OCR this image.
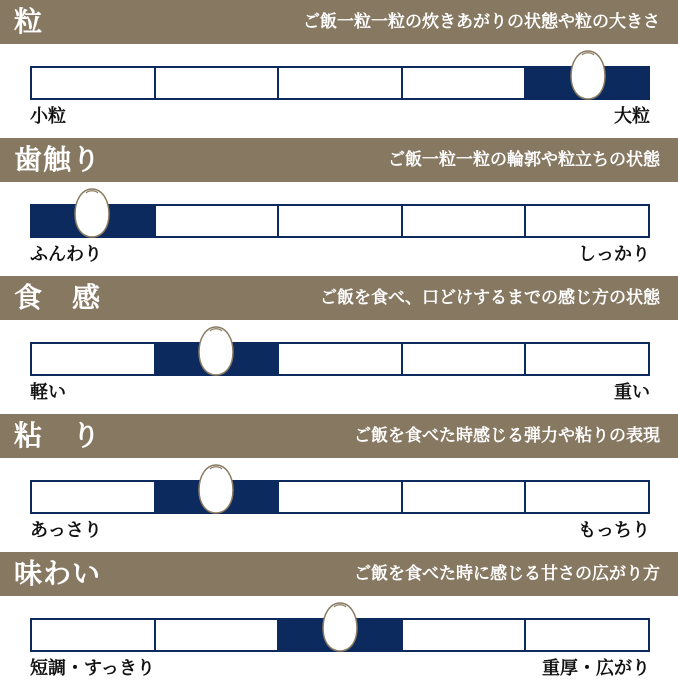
粒	ご飯一粒一粒の炊きあがりの状態や粒の大きさ
小粒	大粒
歯触り	ご飯一粒一粒の輪郭や粒立ちの状態
ふんわり	しっかり
食　感	ご飯を食べ、口どけするまでの感じ方の状態
軽い	重い
粘　り	ご飯を食べた時感じる弾力や粘りの表現
あっさり	もっちり
味わい	ご飯を食べた時に感じる甘さの広がり方
短調・すっきり	重厚・広がり
